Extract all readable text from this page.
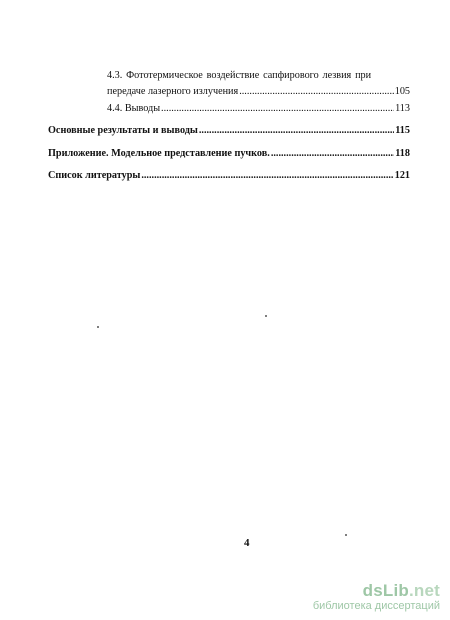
4.3. Фототермическое воздействие сапфирового лезвия при
передаче лазерного излучения .....	105
4.4. Выводы .....	113
Основные результаты и выводы .....	115
Приложение. Модельное представление пучков. .....	118
Список литературы .....	121
4
dsLib.net
библиотека диссертаций
